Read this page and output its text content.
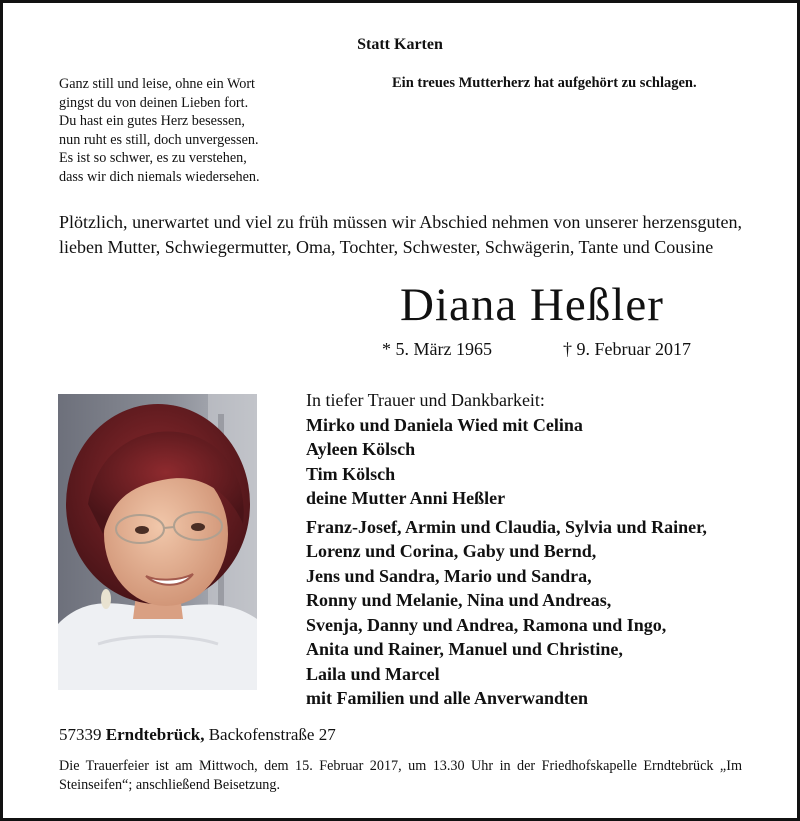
Statt Karten
Ganz still und leise, ohne ein Wort
gingst du von deinen Lieben fort.
Du hast ein gutes Herz besessen,
nun ruht es still, doch unvergessen.
Es ist so schwer, es zu verstehen,
dass wir dich niemals wiedersehen.
Ein treues Mutterherz hat aufgehört zu schlagen.
Plötzlich, unerwartet und viel zu früh müssen wir Abschied nehmen von unserer herzensguten, lieben Mutter, Schwiegermutter, Oma, Tochter, Schwester, Schwägerin, Tante und Cousine
Diana Heßler
* 5. März 1965	† 9. Februar 2017
In tiefer Trauer und Dankbarkeit:
Mirko und Daniela Wied mit Celina
Ayleen Kölsch
Tim Kölsch
deine Mutter Anni Heßler
Franz-Josef, Armin und Claudia, Sylvia und Rainer,
Lorenz und Corina, Gaby und Bernd,
Jens und Sandra, Mario und Sandra,
Ronny und Melanie, Nina und Andreas,
Svenja, Danny und Andrea, Ramona und Ingo,
Anita und Rainer, Manuel und Christine,
Laila und Marcel
mit Familien und alle Anverwandten
57339 Erndtebrück, Backofenstraße 27
Die Trauerfeier ist am Mittwoch, dem 15. Februar 2017, um 13.30 Uhr in der Friedhofskapelle Erndtebrück „Im Steinseifen“; anschließend Beisetzung.
